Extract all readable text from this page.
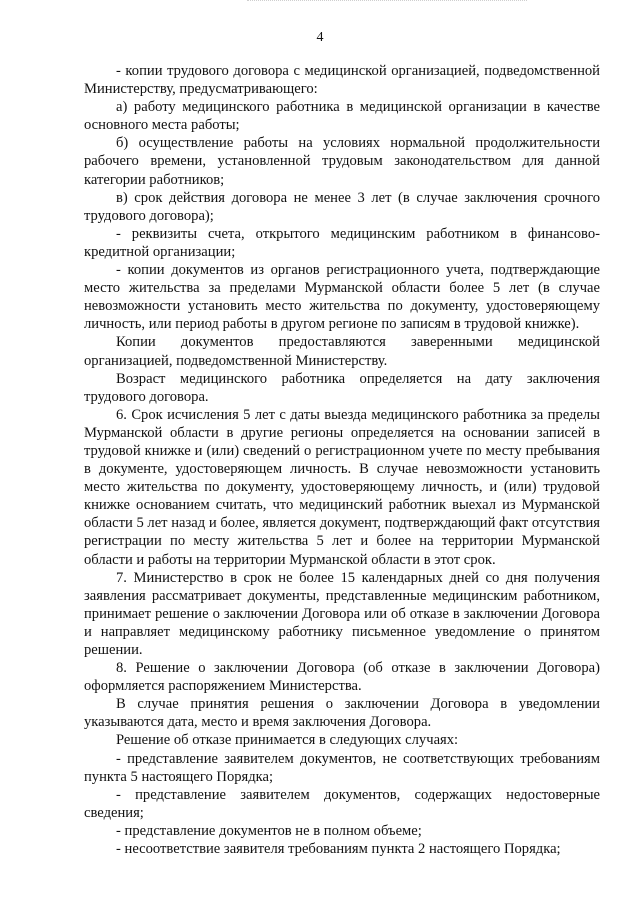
4

- копии трудового договора с медицинской организацией, подведомственной Министерству, предусматривающего:

а) работу медицинского работника в медицинской организации в качестве основного места работы;

б) осуществление работы на условиях нормальной продолжительности рабочего времени, установленной трудовым законодательством для данной категории работников;

в) срок действия договора не менее 3 лет (в случае заключения срочного трудового договора);

- реквизиты счета, открытого медицинским работником в финансово-кредитной организации;

- копии документов из органов регистрационного учета, подтверждающие место жительства за пределами Мурманской области более 5 лет (в случае невозможности установить место жительства по документу, удостоверяющему личность, или период работы в другом регионе по записям в трудовой книжке).

Копии документов предоставляются заверенными медицинской организацией, подведомственной Министерству.

Возраст медицинского работника определяется на дату заключения трудового договора.

6. Срок исчисления 5 лет с даты выезда медицинского работника за пределы Мурманской области в другие регионы определяется на основании записей в трудовой книжке и (или) сведений о регистрационном учете по месту пребывания в документе, удостоверяющем личность. В случае невозможности установить место жительства по документу, удостоверяющему личность, и (или) трудовой книжке основанием считать, что медицинский работник выехал из Мурманской области 5 лет назад и более, является документ, подтверждающий факт отсутствия регистрации по месту жительства 5 лет и более на территории Мурманской области и работы на территории Мурманской области в этот срок.

7. Министерство в срок не более 15 календарных дней со дня получения заявления рассматривает документы, представленные медицинским работником, принимает решение о заключении Договора или об отказе в заключении Договора и направляет медицинскому работнику письменное уведомление о принятом решении.

8. Решение о заключении Договора (об отказе в заключении Договора) оформляется распоряжением Министерства.

В случае принятия решения о заключении Договора в уведомлении указываются дата, место и время заключения Договора.

Решение об отказе принимается в следующих случаях:

- представление заявителем документов, не соответствующих требованиям пункта 5 настоящего Порядка;

- представление заявителем документов, содержащих недостоверные сведения;

- представление документов не в полном объеме;

- несоответствие заявителя требованиям пункта 2 настоящего Порядка;
